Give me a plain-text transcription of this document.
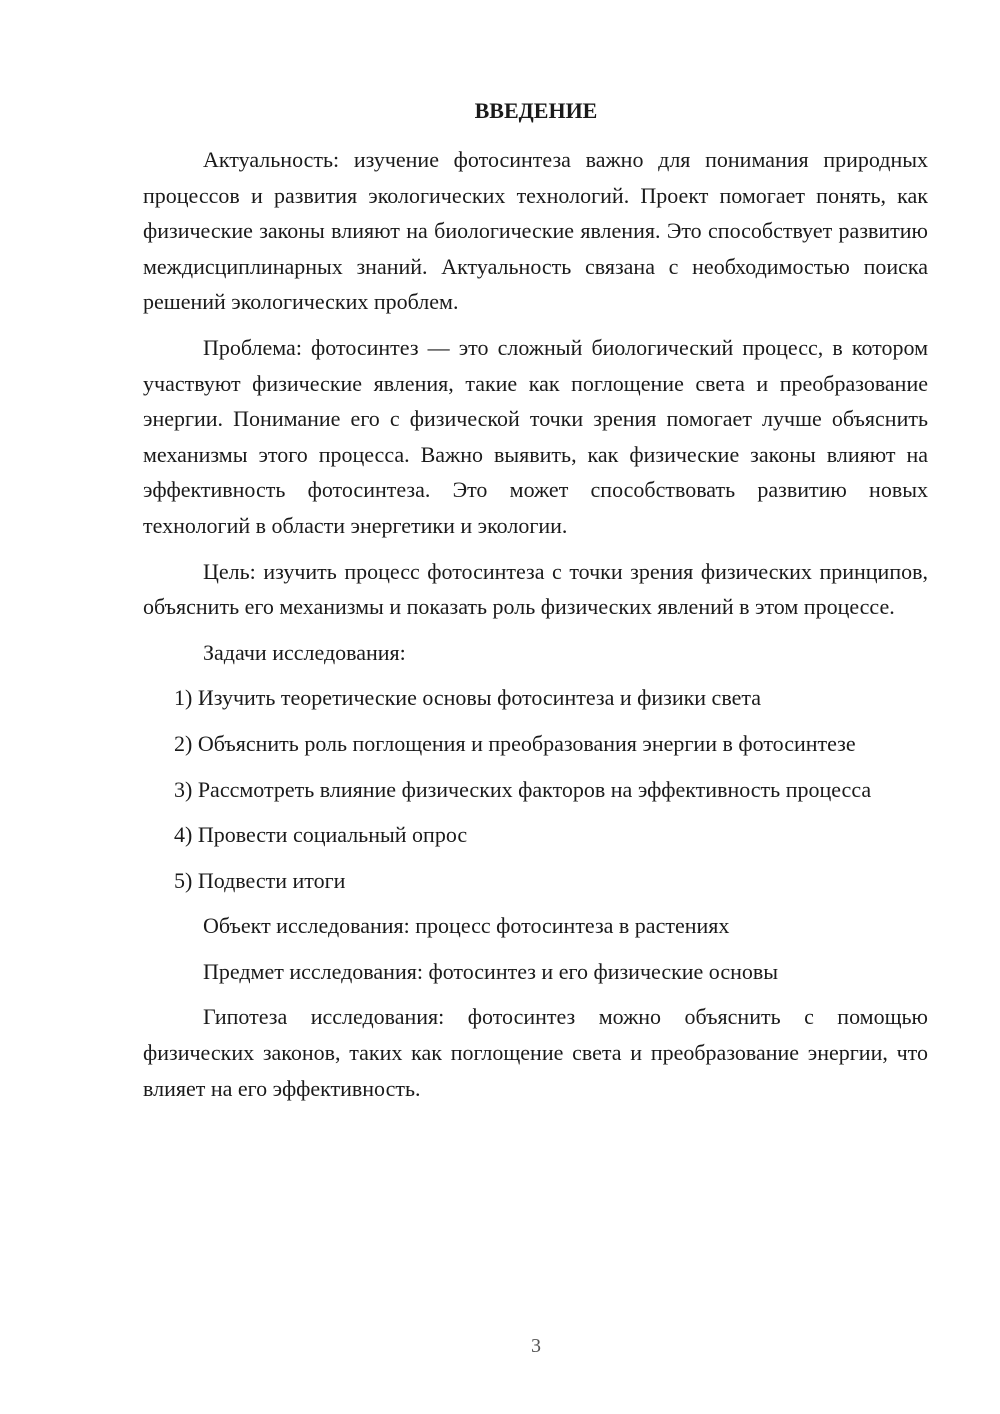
ВВЕДЕНИЕ

Актуальность: изучение фотосинтеза важно для понимания природных процессов и развития экологических технологий. Проект помогает понять, как физические законы влияют на биологические явления. Это способствует развитию междисциплинарных знаний. Актуальность связана с необходимостью поиска решений экологических проблем.

Проблема: фотосинтез — это сложный биологический процесс, в котором участвуют физические явления, такие как поглощение света и преобразование энергии. Понимание его с физической точки зрения помогает лучше объяснить механизмы этого процесса. Важно выявить, как физические законы влияют на эффективность фотосинтеза. Это может способствовать развитию новых технологий в области энергетики и экологии.

Цель: изучить процесс фотосинтеза с точки зрения физических принципов, объяснить его механизмы и показать роль физических явлений в этом процессе.

Задачи исследования:

1) Изучить теоретические основы фотосинтеза и физики света

2) Объяснить роль поглощения и преобразования энергии в фотосинтезе

3) Рассмотреть влияние физических факторов на эффективность процесса

4) Провести социальный опрос

5) Подвести итоги

Объект исследования: процесс фотосинтеза в растениях

Предмет исследования: фотосинтез и его физические основы

Гипотеза исследования: фотосинтез можно объяснить с помощью физических законов, таких как поглощение света и преобразование энергии, что влияет на его эффективность.

3
